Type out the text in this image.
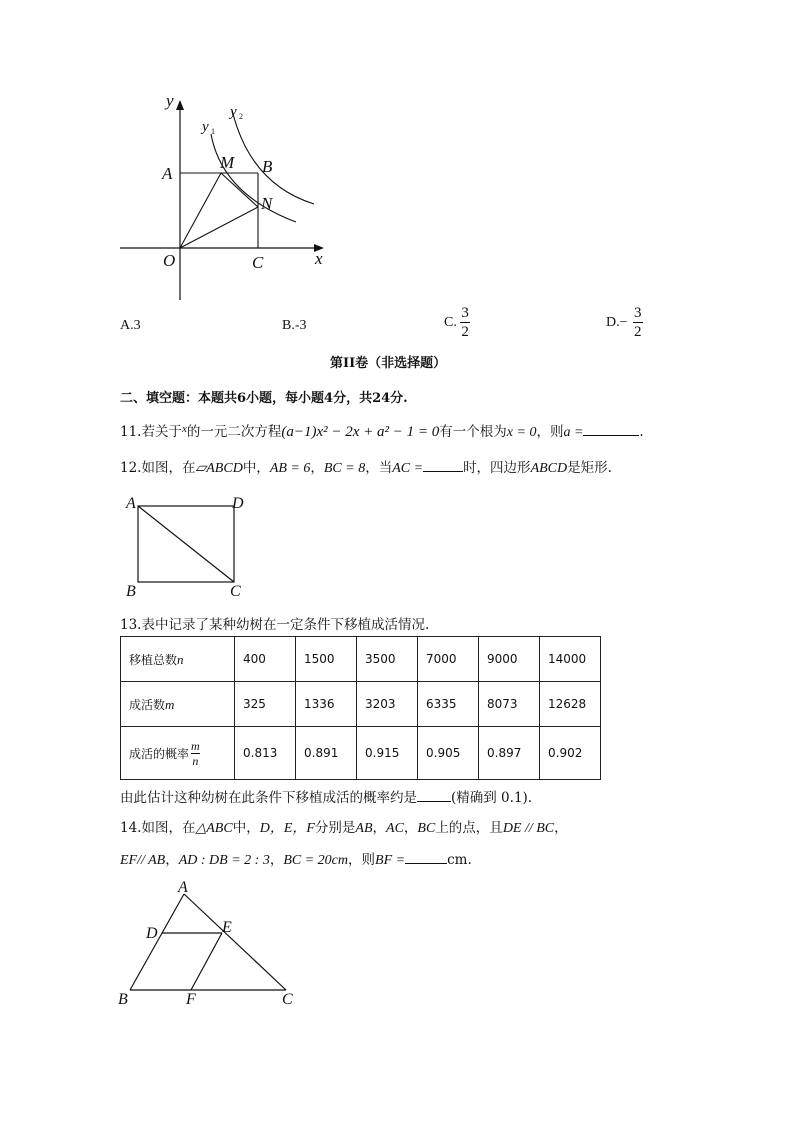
y
y 1
y 2
A
M B
N
O	C	x
A.3	B.-3	C. $\frac{3}{2}$	$D.- \frac{3}{2}$
第II卷（非选择题）
二、填空题：本题共6小题，每小题4分，共24分.
11.若关于$^x$的一元二次方程(a−1)x² − 2x + a² − 1 = 0有一个根为x = 0，则a =	.
12.如图，在▱ABCD中，AB = 6，BC = 8，当AC =	时，四边形ABCD是矩形.
A	D
B	C
13.表中记录了某种幼树在一定条件下移植成活情况.
移植总数n	400	1500	3500	7000	9000	14000
成活数m	325	1336	3203	6335	8073	12628
成活的概率 $\frac{m}{n}$	0.813	0.891	0.915	0.905	0.897	0.902
由此估计这种幼树在此条件下移植成活的概率约是	(精确到 0.1).
14.如图，在△ABC中，D，E，F分别是AB，AC，BC上的点，且DE // BC，
EF// AB，AD : DB = 2 : 3，BC = 20cm，则BF =	cm.
A
D	E
B	F	C
